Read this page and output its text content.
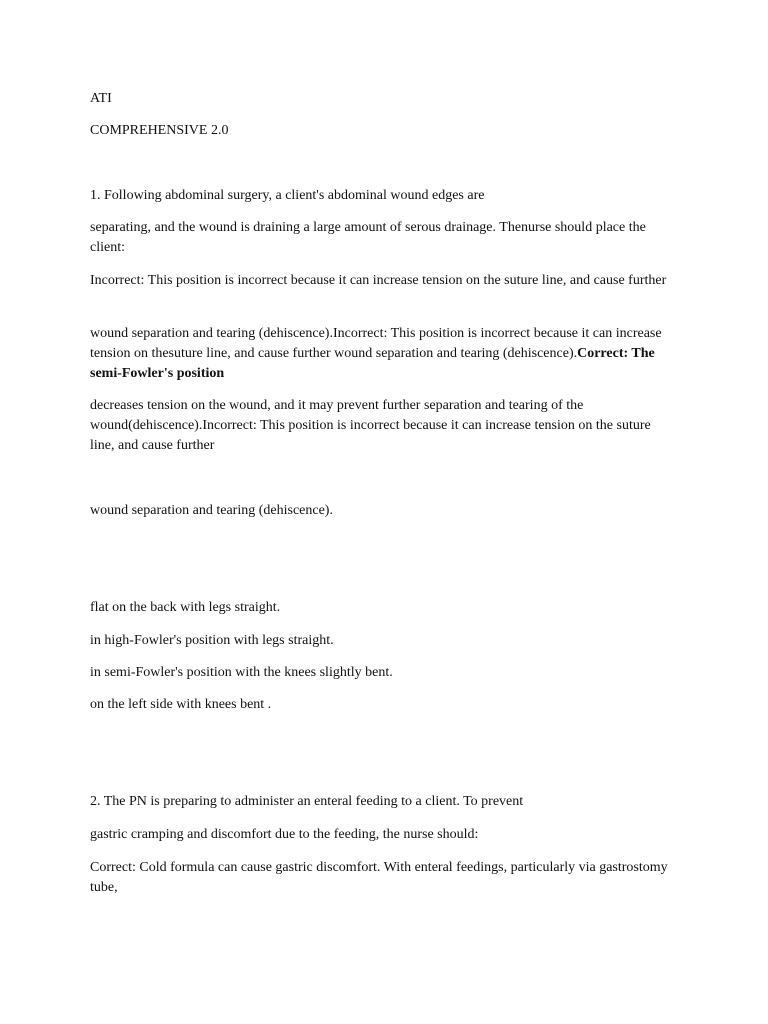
ATI

COMPREHENSIVE 2.0

1. Following abdominal surgery, a client's abdominal wound edges are

separating, and the wound is draining a large amount of serous drainage. Thenurse should place the client:

Incorrect: This position is incorrect because it can increase tension on the suture line, and cause further

wound separation and tearing (dehiscence).Incorrect: This position is incorrect because it can increase tension on thesuture line, and cause further wound separation and tearing (dehiscence).Correct: The semi-Fowler's position

decreases tension on the wound, and it may prevent further separation and tearing of the wound(dehiscence).Incorrect: This position is incorrect because it can increase tension on the suture line, and cause further

wound separation and tearing (dehiscence).

flat on the back with legs straight.

in high-Fowler's position with legs straight.

in semi-Fowler's position with the knees slightly bent.

on the left side with knees bent .

2. The PN is preparing to administer an enteral feeding to a client. To prevent

gastric cramping and discomfort due to the feeding, the nurse should:

Correct: Cold formula can cause gastric discomfort. With enteral feedings, particularly via gastrostomy tube,
